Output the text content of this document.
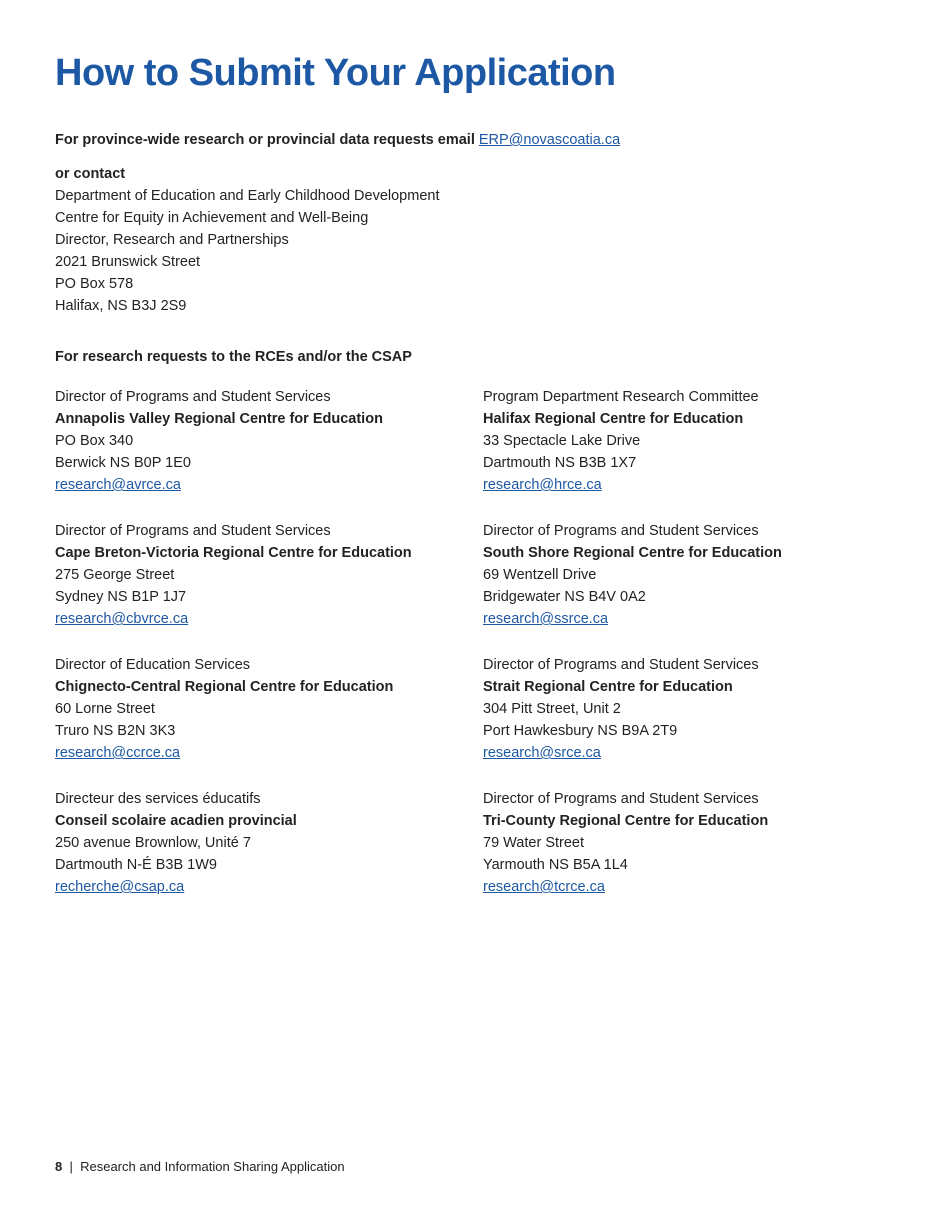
How to Submit Your Application
For province-wide research or provincial data requests email ERP@novascoatia.ca
or contact
Department of Education and Early Childhood Development
Centre for Equity in Achievement and Well-Being
Director, Research and Partnerships
2021 Brunswick Street
PO Box 578
Halifax, NS B3J 2S9
For research requests to the RCEs and/or the CSAP
8 | Research and Information Sharing Application
Director of Programs and Student Services
Annapolis Valley Regional Centre for Education
PO Box 340
Berwick NS B0P 1E0
research@avrce.ca
Director of Programs and Student Services
Cape Breton-Victoria Regional Centre for Education
275 George Street
Sydney NS B1P 1J7
research@cbvrce.ca
Director of Education Services
Chignecto-Central Regional Centre for Education
60 Lorne Street
Truro NS B2N 3K3
research@ccrce.ca
Directeur des services éducatifs
Conseil scolaire acadien provincial
250 avenue Brownlow, Unité 7
Dartmouth N-É B3B 1W9
recherche@csap.ca
Program Department Research Committee
Halifax Regional Centre for Education
33 Spectacle Lake Drive
Dartmouth NS B3B 1X7
research@hrce.ca
Director of Programs and Student Services
South Shore Regional Centre for Education
69 Wentzell Drive
Bridgewater NS B4V 0A2
research@ssrce.ca
Director of Programs and Student Services
Strait Regional Centre for Education
304 Pitt Street, Unit 2
Port Hawkesbury NS B9A 2T9
research@srce.ca
Director of Programs and Student Services
Tri-County Regional Centre for Education
79 Water Street
Yarmouth NS B5A 1L4
research@tcrce.ca
